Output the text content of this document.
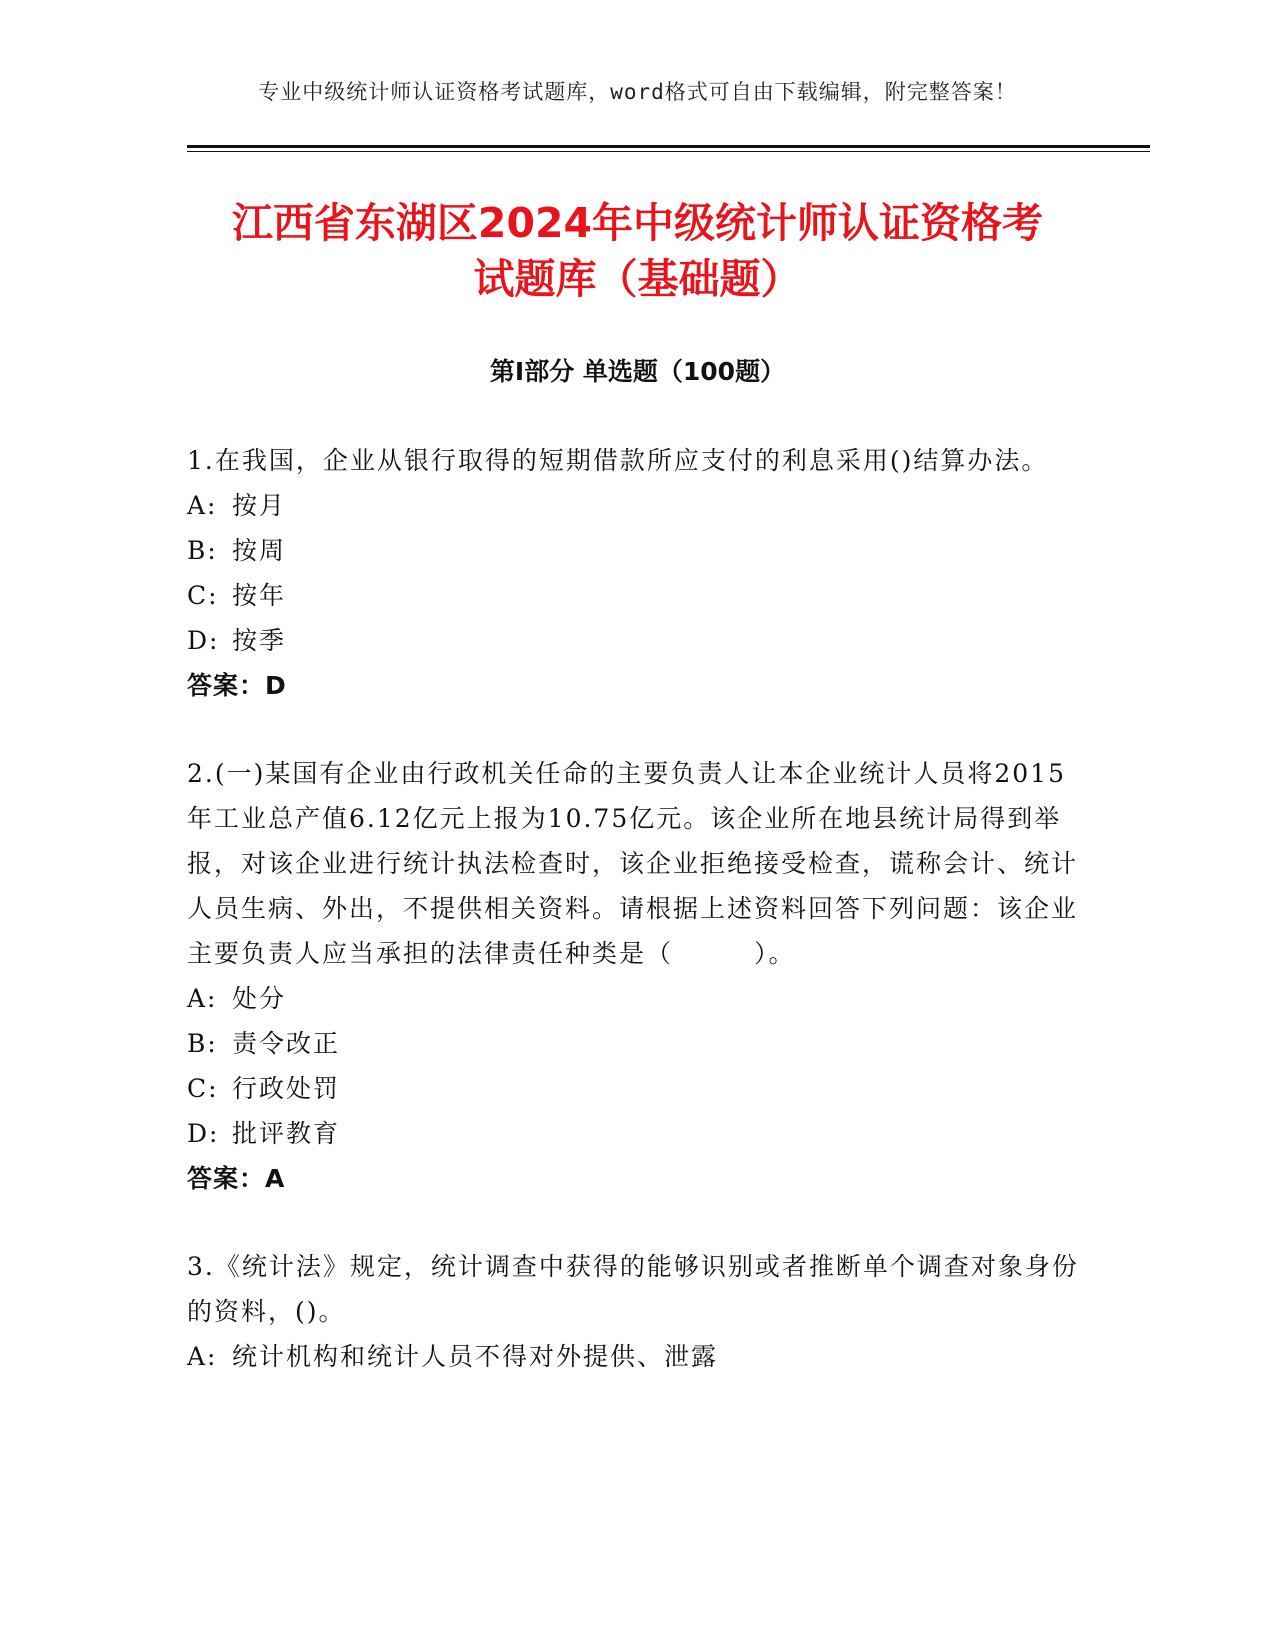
专业中级统计师认证资格考试题库，word格式可自由下载编辑，附完整答案！
江西省东湖区2024年中级统计师认证资格考
试题库（基础题）
第Ⅰ部分 单选题（100题）

1.在我国，企业从银行取得的短期借款所应支付的利息采用()结算办法。

A: 按月
B: 按周
C: 按年
D: 按季

答案：D

2.(一)某国有企业由行政机关任命的主要负责人让本企业统计人员将2015年工业总产值6.12亿元上报为10.75亿元。该企业所在地县统计局得到举报，对该企业进行统计执法检查时，该企业拒绝接受检查，谎称会计、统计人员生病、外出，不提供相关资料。请根据上述资料回答下列问题：该企业主要负责人应当承担的法律责任种类是（　　　）。

A: 处分
B: 责令改正
C: 行政处罚
D: 批评教育

答案：A

3.《统计法》规定，统计调查中获得的能够识别或者推断单个调查对象身份的资料，()。

A: 统计机构和统计人员不得对外提供、泄露
